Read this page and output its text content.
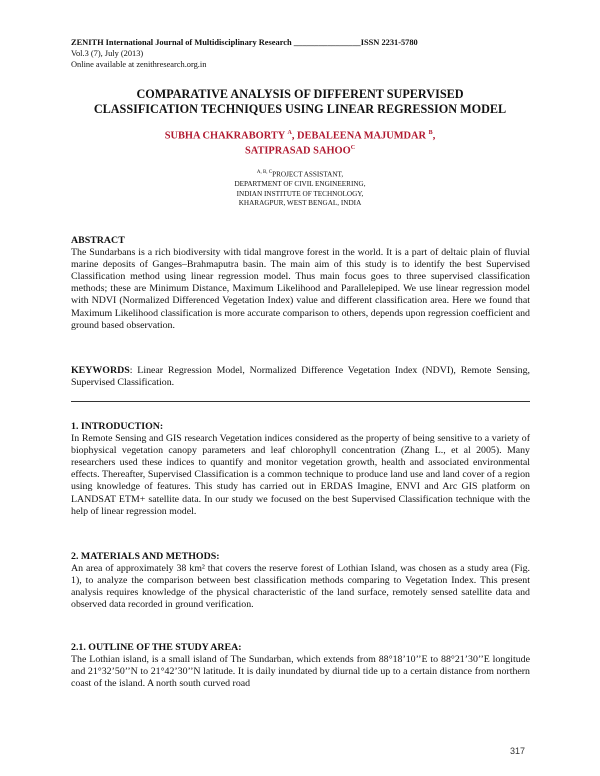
ZENITH International Journal of Multidisciplinary Research ________________ISSN 2231-5780
Vol.3 (7), July (2013)
Online available at zenithresearch.org.in
COMPARATIVE ANALYSIS OF DIFFERENT SUPERVISED
CLASSIFICATION TECHNIQUES USING LINEAR REGRESSION MODEL
SUBHA CHAKRABORTY $^A$, DEBALEENA MAJUMDAR $^B$,
SATIPRASAD $SAHOO^C$
$^{A, B, C}$PROJECT ASSISTANT,
DEPARTMENT OF CIVIL ENGINEERING,
INDIAN INSTITUTE OF TECHNOLOGY,
KHARAGPUR, WEST BENGAL, INDIA
ABSTRACT

The Sundarbans is a rich biodiversity with tidal mangrove forest in the world. It is a part of deltaic plain of fluvial marine deposits of Ganges–Brahmaputra basin. The main aim of this study is to identify the best Supervised Classification method using linear regression model. Thus main focus goes to three supervised classification methods; these are Minimum Distance, Maximum Likelihood and Parallelepiped. We use linear regression model with NDVI (Normalized Differenced Vegetation Index) value and different classification area. Here we found that Maximum Likelihood classification is more accurate comparison to others, depends upon regression coefficient and ground based observation.

KEYWORDS: Linear Regression Model, Normalized Difference Vegetation Index (NDVI), Remote Sensing, Supervised Classification.

1. INTRODUCTION:

In Remote Sensing and GIS research Vegetation indices considered as the property of being sensitive to a variety of biophysical vegetation canopy parameters and leaf chlorophyll concentration (Zhang L., et al 2005). Many researchers used these indices to quantify and monitor vegetation growth, health and associated environmental effects. Thereafter, Supervised Classification is a common technique to produce land use and land cover of a region using knowledge of features. This study has carried out in ERDAS Imagine, ENVI and Arc GIS platform on LANDSAT ETM+ satellite data. In our study we focused on the best Supervised Classification technique with the help of linear regression model.

2. MATERIALS AND METHODS:

An area of approximately 38 km² that covers the reserve forest of Lothian Island, was chosen as a study area (Fig. 1), to analyze the comparison between best classification methods comparing to Vegetation Index. This present analysis requires knowledge of the physical characteristic of the land surface, remotely sensed satellite data and observed data recorded in ground verification.

2.1. OUTLINE OF THE STUDY AREA:

The Lothian island, is a small island of The Sundarban, which extends from 88°18’10’’E to 88°21’30’’E longitude and 21°32’50’’N to 21°42’30’’N latitude. It is daily inundated by diurnal tide up to a certain distance from northern coast of the island. A north south curved road

317
